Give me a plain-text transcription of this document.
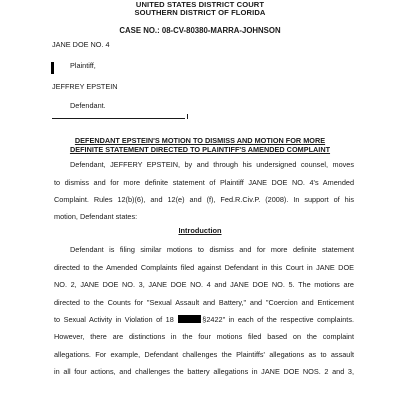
UNITED STATES DISTRICT COURT
SOUTHERN DISTRICT OF FLORIDA
CASE NO.: 08-CV-80380-MARRA-JOHNSON
JANE DOE NO. 4
Plaintiff,
JEFFREY EPSTEIN
Defendant.
DEFENDANT EPSTEIN'S MOTION TO DISMISS AND MOTION FOR MORE
DEFINITE STATEMENT DIRECTED TO PLAINTIFF'S AMENDED COMPLAINT
Defendant, JEFFERY EPSTEIN, by and through his undersigned counsel, moves
to dismiss and for more definite statement of Plaintiff JANE DOE NO. 4's Amended
Complaint. Rules 12(b)(6), and 12(e) and (f), Fed.R.Civ.P. (2008). In support of his
motion, Defendant states:
Introduction
Defendant is filing similar motions to dismiss and for more definite statement
directed to the Amended Complaints filed against Defendant in this Court in JANE DOE
NO. 2, JANE DOE NO. 3, JANE DOE NO. 4 and JANE DOE NO. 5. The motions are
directed to the Counts for "Sexual Assault and Battery," and "Coercion and Enticement
to Sexual Activity in Violation of 18	§2422" in each of the respective complaints.
However, there are distinctions in the four motions filed based on the complaint
allegations. For example, Defendant challenges the Plaintiffs' allegations as to assault
in all four actions, and challenges the battery allegations in JANE DOE NOS. 2 and 3,
